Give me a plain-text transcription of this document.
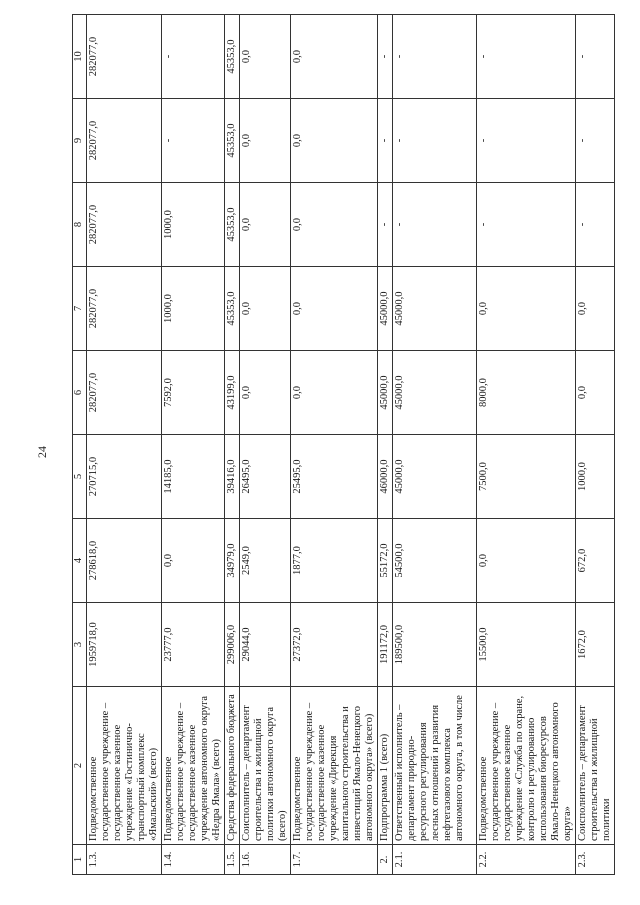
24
1	2	3	4	5	6	7	8	9	10
1.3.	Подведомственное государственное учреждение – государственное казенное учреждение «Гостинично-транспортный комплекс «Ямальский» (всего)	1959718,0	278618,0	270715,0	282077,0	282077,0	282077,0	282077,0	282077,0
1.4.	Подведомственное государственное учреждение – государственное казенное учреждение автономного округа «Недра Ямала» (всего)	23777,0	0,0	14185,0	7592,0	1000,0	1000,0	-	-
1.5.	Средства федерального бюджета	299006,0	34979,0	39416,0	43199,0	45353,0	45353,0	45353,0	45353,0
1.6.	Соисполнитель – департамент строительства и жилищной политики автономного округа (всего)	29044,0	2549,0	26495,0	0,0	0,0	0,0	0,0	0,0
1.7.	Подведомственное государственное учреждение – государственное казенное учреждение «Дирекция капитального строительства и инвестиций Ямало-Ненецкого автономного округа» (всего)	27372,0	1877,0	25495,0	0,0	0,0	0,0	0,0	0,0
2.	Подпрограмма 1 (всего)	191172,0	55172,0	46000,0	45000,0	45000,0	-	-	-
2.1.	Ответственный исполнитель – департамент природно-ресурсного регулирования лесных отношений и развития нефтегазового комплекса автономного округа, в том числе	189500,0	54500,0	45000,0	45000,0	45000,0	-	-	-
2.2.	Подведомственное государственное учреждение – государственное казенное учреждение «Служба по охране, контролю и регулированию использования биоресурсов Ямало-Ненецкого автономного округа»	15500,0	0,0	7500,0	8000,0	0,0	-	-	-
2.3.	Соисполнитель – департамент строительства и жилищной политики	1672,0	672,0	1000,0	0,0	0,0	-	-	-
